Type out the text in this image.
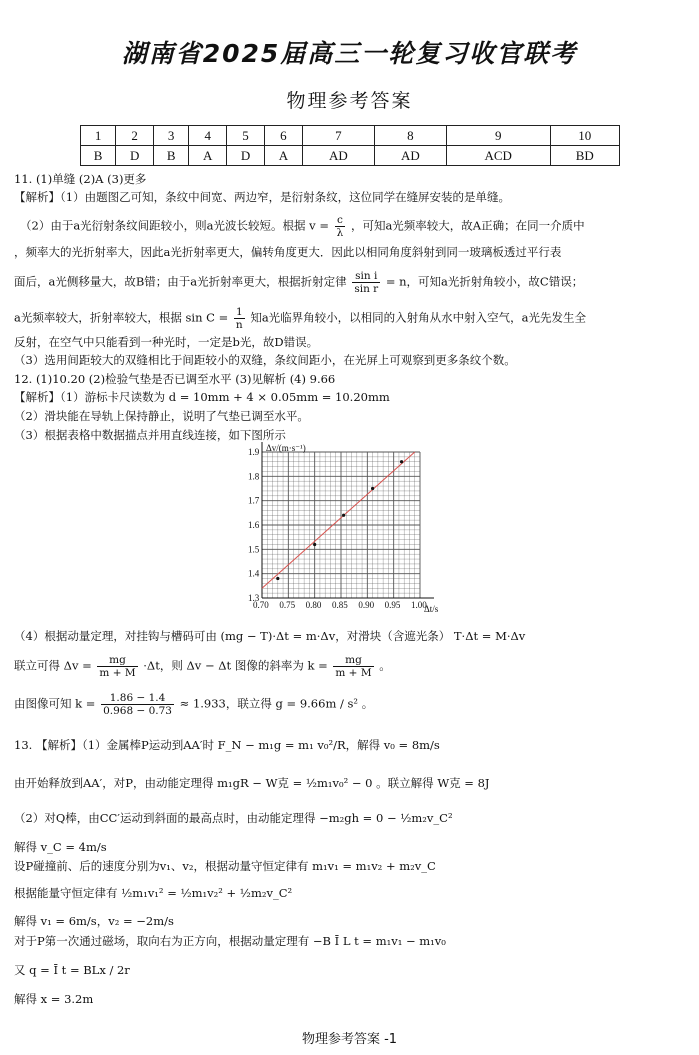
湖南省2025届高三一轮复习收官联考
物理参考答案
1	2	3	4	5	6	7	8	9	10
B	D	B	A	D	A	AD	AD	ACD	BD
11. (1)单缝 (2)A (3)更多
【解析】（1）由题图乙可知，条纹中间宽、两边窄，是衍射条纹，这位同学在缝屏安装的是单缝。
（2）由于a光衍射条纹间距较小，则a光波长较短。根据 $v = \frac{c}{\lambda}$ ，可知a光频率较大，故A正确；在同一介质中
，频率大的光折射率大，因此a光折射率更大，偏转角度更大．因此以相同角度斜射到同一玻璃板透过平行表
面后，a光侧移量大，故B错；由于a光折射率更大，根据折射定律 $\frac{\text{sin i}}{\text{sin r}} = n$，可知a光折射角较小，故C错误；
a光频率较大，折射率较大，根据 $\sin C = \frac{1}{n}$ 知a光临界角较小，以相同的入射角从水中射入空气，a光先发生全
反射，在空气中只能看到一种光时，一定是b光，故D错误。
（3）选用间距较大的双缝相比于间距较小的双缝，条纹间距小，在光屏上可观察到更多条纹个数。
12. (1)10.20 (2)检验气垫是否已调至水平 (3)见解析 (4) 9.66
【解析】（1）游标卡尺读数为 d = 10mm + 4 × 0.05mm = 10.20mm
（2）滑块能在导轨上保持静止，说明了气垫已调至水平。
（3）根据表格中数据描点并用直线连接，如下图所示
0.70 0.75 0.80 0.85 0.90 0.95 1.00
1.3
1.4
1.5
1.6
1.7
1.8
1.9 Δv/(m·s⁻¹)
Δt/s
（4）根据动量定理，对挂钩与槽码可由 (mg − T)·Δt = m·Δv，对滑块（含遮光条） T·Δt = M·Δv
联立可得 $\Delta v = \frac{mg}{m + M} \cdot\Delta t$，则 Δv − Δt 图像的斜率为 $k = \frac{mg}{m + M}$ 。
由图像可知 $k = \frac{1.86 - 1.4}{0.968 - 0.73} \approx 1.933$，联立得 g = 9.66m / s² 。
13. 【解析】（1）金属棒P运动到AA′时 F_N − m₁g = m₁ v₀²/R，解得 v₀ = 8m/s
由开始释放到AA′，对P，由动能定理得 m₁gR − W克 = ½m₁v₀² − 0 。联立解得 W克 = 8J
（2）对Q棒，由CC′运动到斜面的最高点时，由动能定理得 −m₂gh = 0 − ½m₂v_C²
解得 v_C = 4m/s
设P碰撞前、后的速度分别为v₁、v₂，根据动量守恒定律有 m₁v₁ = m₁v₂ + m₂v_C
根据能量守恒定律有 ½m₁v₁² = ½m₁v₂² + ½m₂v_C²
解得 v₁ = 6m/s，v₂ = −2m/s
对于P第一次通过磁场，取向右为正方向，根据动量定理有 −B Ī L t = m₁v₁ − m₁v₀
又 q = Ī t = BLx / 2r
解得 x = 3.2m
物理参考答案 -1
